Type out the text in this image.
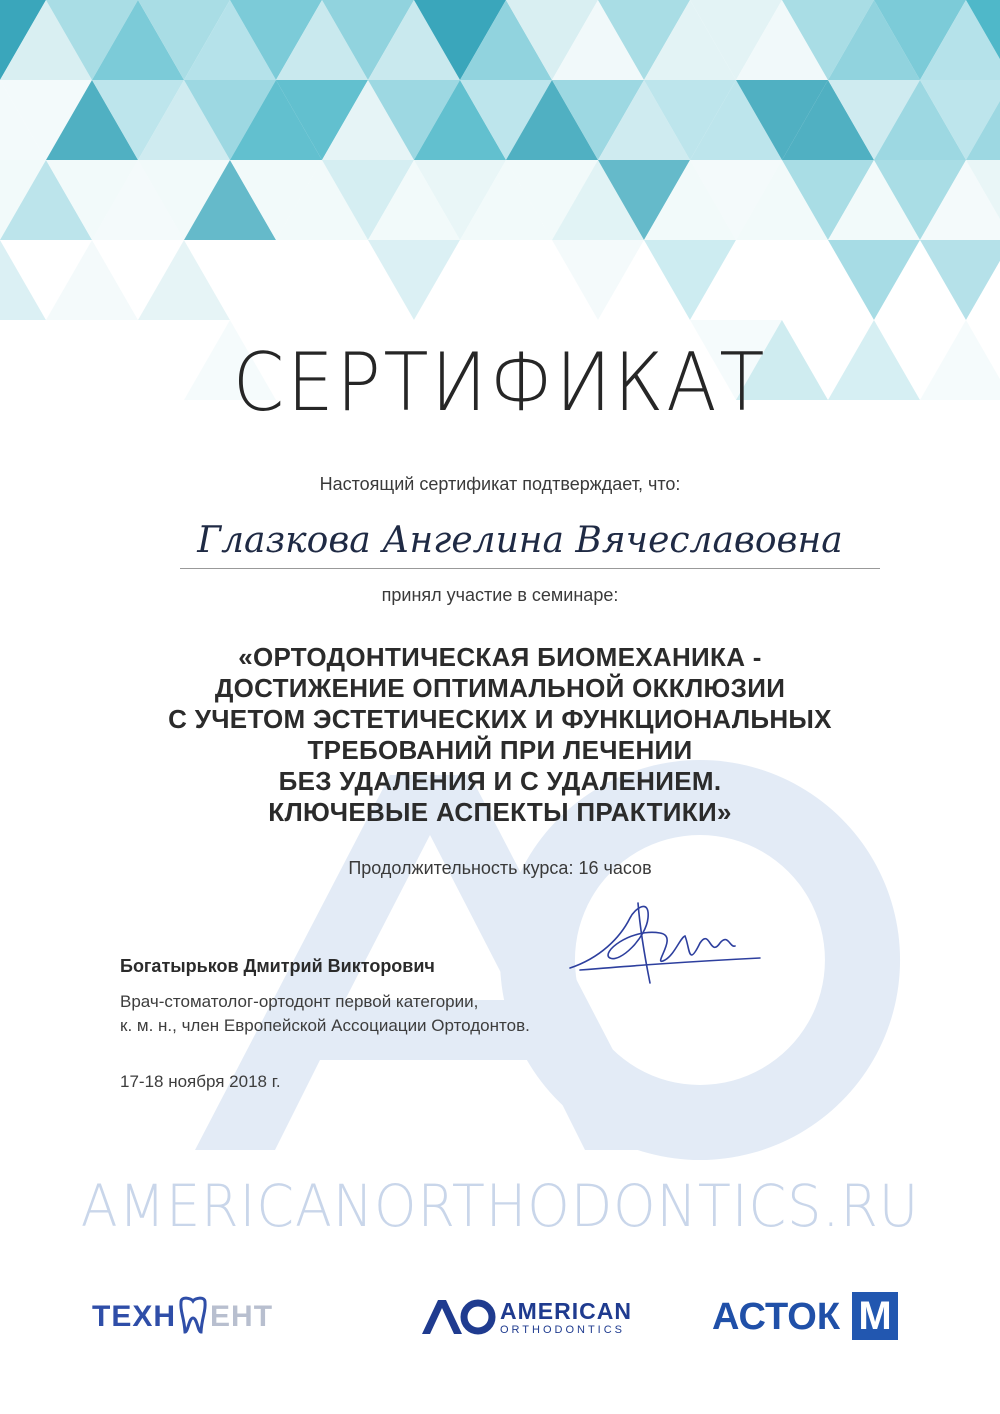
СЕРТИФИКАТ
Настоящий сертификат подтверждает, что:
Глазкова Ангелина Вячеславовна
принял участие в семинаре:
«ОРТОДОНТИЧЕСКАЯ БИОМЕХАНИКА -
ДОСТИЖЕНИЕ ОПТИМАЛЬНОЙ ОККЛЮЗИИ
С УЧЕТОМ ЭСТЕТИЧЕСКИХ И ФУНКЦИОНАЛЬНЫХ
ТРЕБОВАНИЙ ПРИ ЛЕЧЕНИИ
БЕЗ УДАЛЕНИЯ И С УДАЛЕНИЕМ.
КЛЮЧЕВЫЕ АСПЕКТЫ ПРАКТИКИ»
Продолжительность курса: 16 часов
Богатырьков Дмитрий Викторович
Врач-стоматолог-ортодонт первой категории,
к. м. н., член Европейской Ассоциации Ортодонтов.
17-18 ноября 2018 г.
AMERICANORTHODONTICS.RU
ТЕХН ЕНТ	AMERICAN
ORTHODONTICS АСТОК M
